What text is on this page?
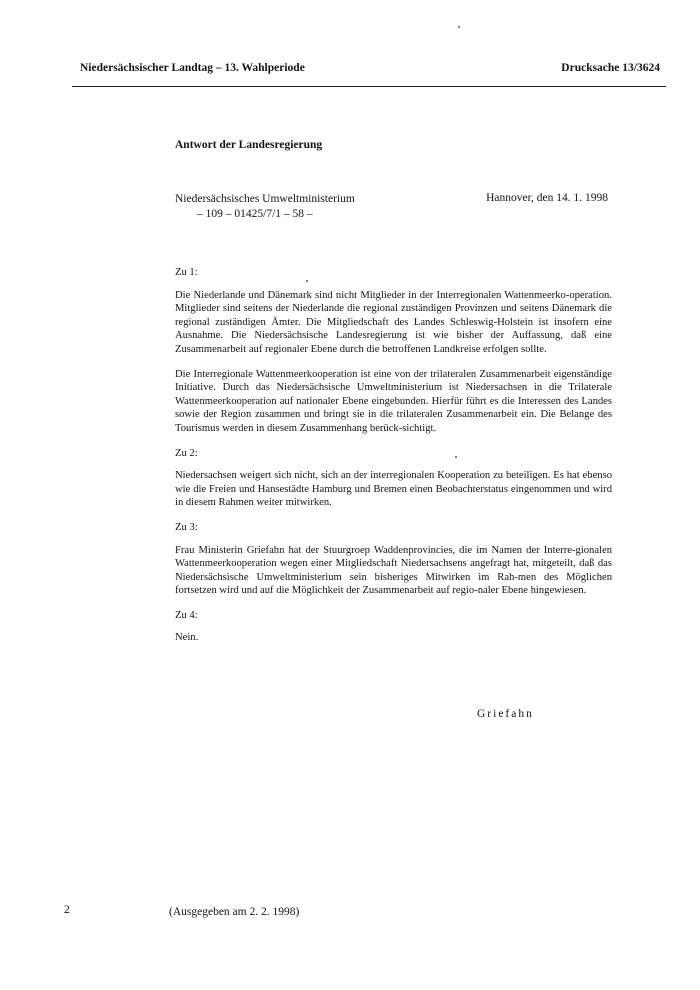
Niedersächsischer Landtag – 13. Wahlperiode	Drucksache 13/3624
Antwort der Landesregierung
Niedersächsisches Umweltministerium
– 109 – 01425/7/1 – 58 –
Hannover, den 14. 1. 1998

Zu 1:

Die Niederlande und Dänemark sind nicht Mitglieder in der Interregionalen Wattenmeerko-operation. Mitglieder sind seitens der Niederlande die regional zuständigen Provinzen und seitens Dänemark die regional zuständigen Ämter. Die Mitgliedschaft des Landes Schleswig-Holstein ist insofern eine Ausnahme. Die Niedersächsische Landesregierung ist wie bisher der Auffassung, daß eine Zusammenarbeit auf regionaler Ebene durch die betroffenen Landkreise erfolgen sollte.

Die Interregionale Wattenmeerkooperation ist eine von der trilateralen Zusammenarbeit eigenständige Initiative. Durch das Niedersächsische Umweltministerium ist Niedersachsen in die Trilaterale Wattenmeerkooperation auf nationaler Ebene eingebunden. Hierfür führt es die Interessen des Landes sowie der Region zusammen und bringt sie in die trilateralen Zusammenarbeit ein. Die Belange des Tourismus werden in diesem Zusammenhang berück-sichtigt.

Zu 2:

Niedersachsen weigert sich nicht, sich an der interregionalen Kooperation zu beteiligen. Es hat ebenso wie die Freien und Hansestädte Hamburg und Bremen einen Beobachterstatus eingenommen und wird in diesem Rahmen weiter mitwirken.

Zu 3:

Frau Ministerin Griefahn hat der Stuurgroep Waddenprovincies, die im Namen der Interre-gionalen Wattenmeerkooperation wegen einer Mitgliedschaft Niedersachsens angefragt hat, mitgeteilt, daß das Niedersächsische Umweltministerium sein bisheriges Mitwirken im Rah-men des Möglichen fortsetzen wird und auf die Möglichkeit der Zusammenarbeit auf regio-naler Ebene hingewiesen.

Zu 4:

Nein.

Griefahn
2	(Ausgegeben am 2. 2. 1998)
